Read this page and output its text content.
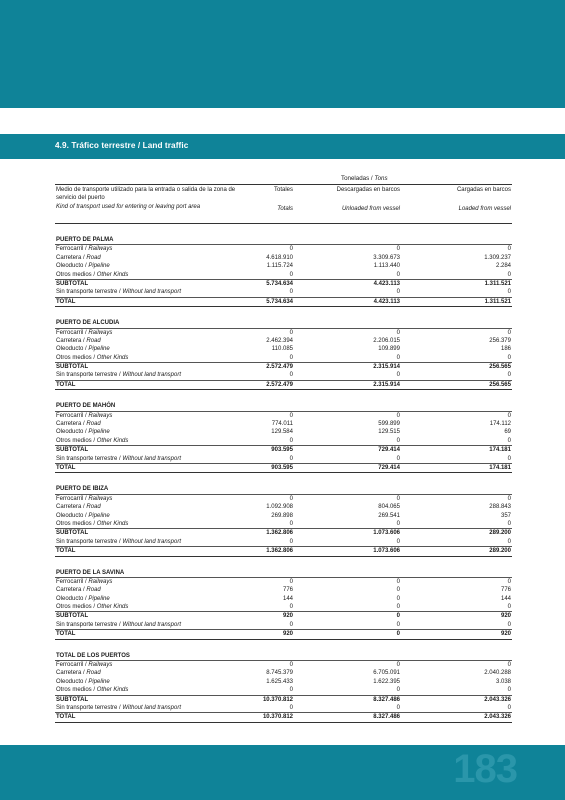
4.9. Tráfico terrestre / Land traffic
Toneladas / Tons
Medio de transporte utilizado para la entrada o salida de la zona de servicio del puerto
Kind of transport used for entering or leaving port area
Totales	Descargadas en barcos	Cargadas en barcos
Totals	Unloaded from vessel	Loaded from vessel
PUERTO DE PALMA
Ferrocarril / Railways	0	0	0
Carretera / Road	4.618.910	3.309.673	1.309.237
Oleoducto / Pipeline	1.115.724	1.113.440	2.284
Otros medios / Other Kinds	0	0	0
SUBTOTAL	5.734.634	4.423.113	1.311.521
Sin transporte terrestre / Without land transport	0	0	0
TOTAL	5.734.634	4.423.113	1.311.521
PUERTO DE ALCUDIA
Ferrocarril / Railways	0	0	0
Carretera / Road	2.462.394	2.206.015	256.379
Oleoducto / Pipeline	110.085	109.899	186
Otros medios / Other Kinds	0	0	0
SUBTOTAL	2.572.479	2.315.914	256.565
Sin transporte terrestre / Without land transport	0	0	0
TOTAL	2.572.479	2.315.914	256.565
PUERTO DE MAHÓN
Ferrocarril / Railways	0	0	0
Carretera / Road	774.011	599.899	174.112
Oleoducto / Pipeline	129.584	129.515	69
Otros medios / Other Kinds	0	0	0
SUBTOTAL	903.595	729.414	174.181
Sin transporte terrestre / Without land transport	0	0	0
TOTAL	903.595	729.414	174.181
PUERTO DE IBIZA
Ferrocarril / Railways	0	0	0
Carretera / Road	1.092.908	804.065	288.843
Oleoducto / Pipeline	269.898	269.541	357
Otros medios / Other Kinds	0	0	0
SUBTOTAL	1.362.806	1.073.606	289.200
Sin transporte terrestre / Without land transport	0	0	0
TOTAL	1.362.806	1.073.606	289.200
PUERTO DE LA SAVINA
Ferrocarril / Railways	0	0	0
Carretera / Road	776	0	776
Oleoducto / Pipeline	144	0	144
Otros medios / Other Kinds	0	0	0
SUBTOTAL	920	0	920
Sin transporte terrestre / Without land transport	0	0	0
TOTAL	920	0	920
TOTAL DE LOS PUERTOS
Ferrocarril / Railways	0	0	0
Carretera / Road	8.745.379	6.705.091	2.040.288
Oleoducto / Pipeline	1.625.433	1.622.395	3.038
Otros medios / Other Kinds	0	0	0
SUBTOTAL	10.370.812	8.327.486	2.043.326
Sin transporte terrestre / Without land transport	0	0	0
TOTAL	10.370.812	8.327.486	2.043.326
183
